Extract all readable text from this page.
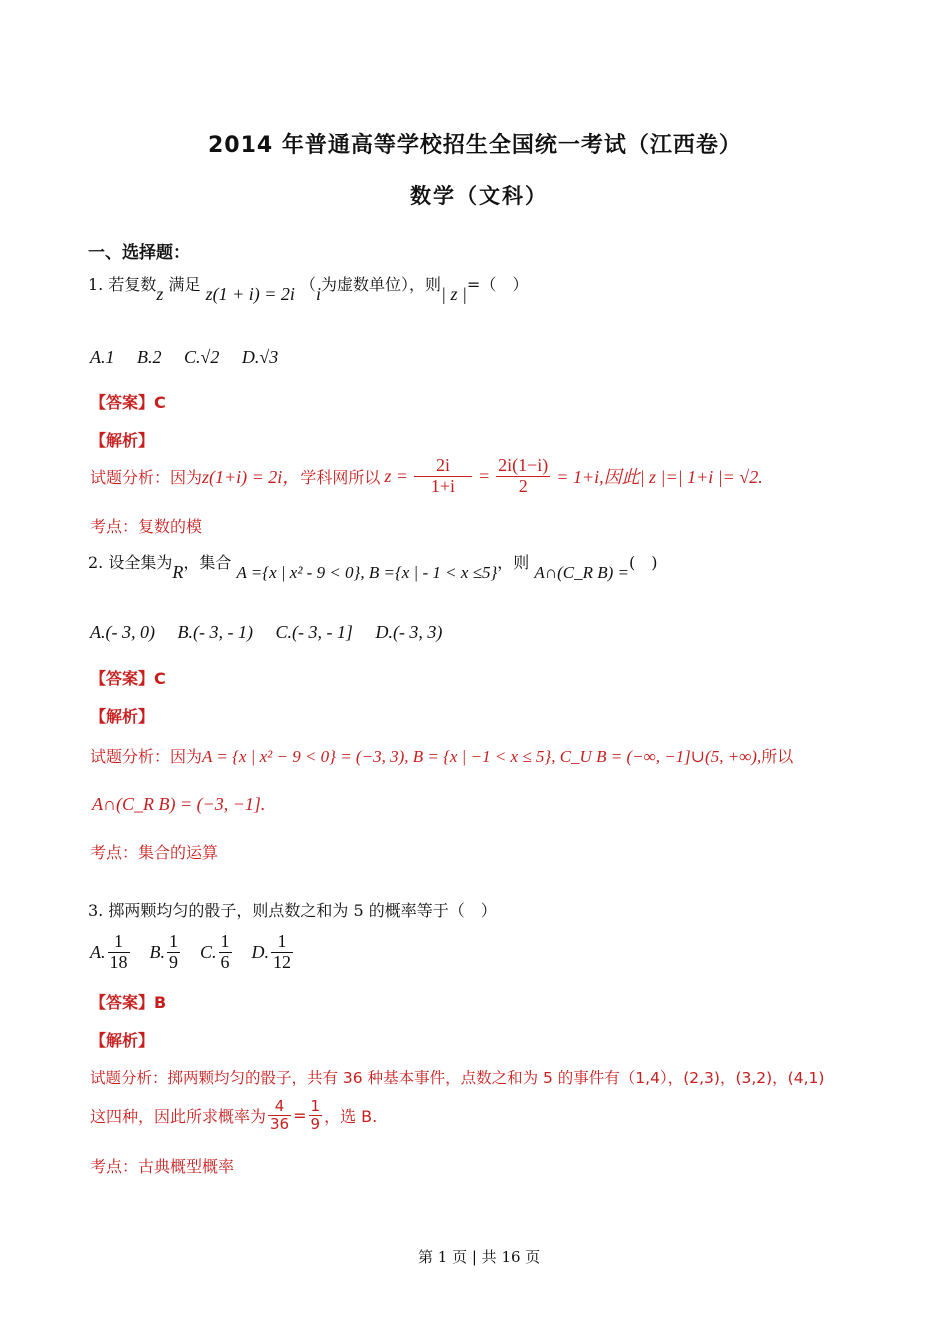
2014 年普通高等学校招生全国统一考试（江西卷）
数学（文科）
一、选择题：
1. 若复数z 满足 z(1 + i) = 2i （i为虚数单位），则| z |=（　）
A.1　 B.2　 C.√2　 D.√3
【答案】C
【解析】
试题分析：因为 z(1+i) = 2i， 学科网所以 $z = \frac{2i}{1+i} = \frac{2i(1-i)}{2} = 1+i$,因此| z |=| 1+i |= √2.
考点：复数的模
2. 设全集为R，集合 A ={x | x² - 9 < 0}, B ={x | - 1 < x ≤5}，则 A∩(C_R B) =(　)
A.(- 3, 0)　 B.(- 3, - 1)　 C.(- 3, - 1]　 D.(- 3, 3)
【答案】C
【解析】
试题分析：因为A = {x | x² − 9 < 0} = (−3, 3), B = {x | −1 < x ≤ 5}, C_U B = (−∞, −1]∪(5, +∞),所以
A∩(C_R B) = (−3, −1].
考点：集合的运算
3. 掷两颗均匀的骰子，则点数之和为 5 的概率等于（　）
A. $\frac{1}{18} B$. $\frac{1}{9} C$. $\frac{1}{6} D$. $\frac{1}{12}$
【答案】B
【解析】
试题分析：掷两颗均匀的骰子，共有 36 种基本事件，点数之和为 5 的事件有（1,4），(2,3)，(3,2)，(4,1)
这四种，因此所求概率为 $\frac{4}{36} = \frac{1}{9}$ ，选 B.
考点：古典概型概率
第 1 页 | 共 16 页
